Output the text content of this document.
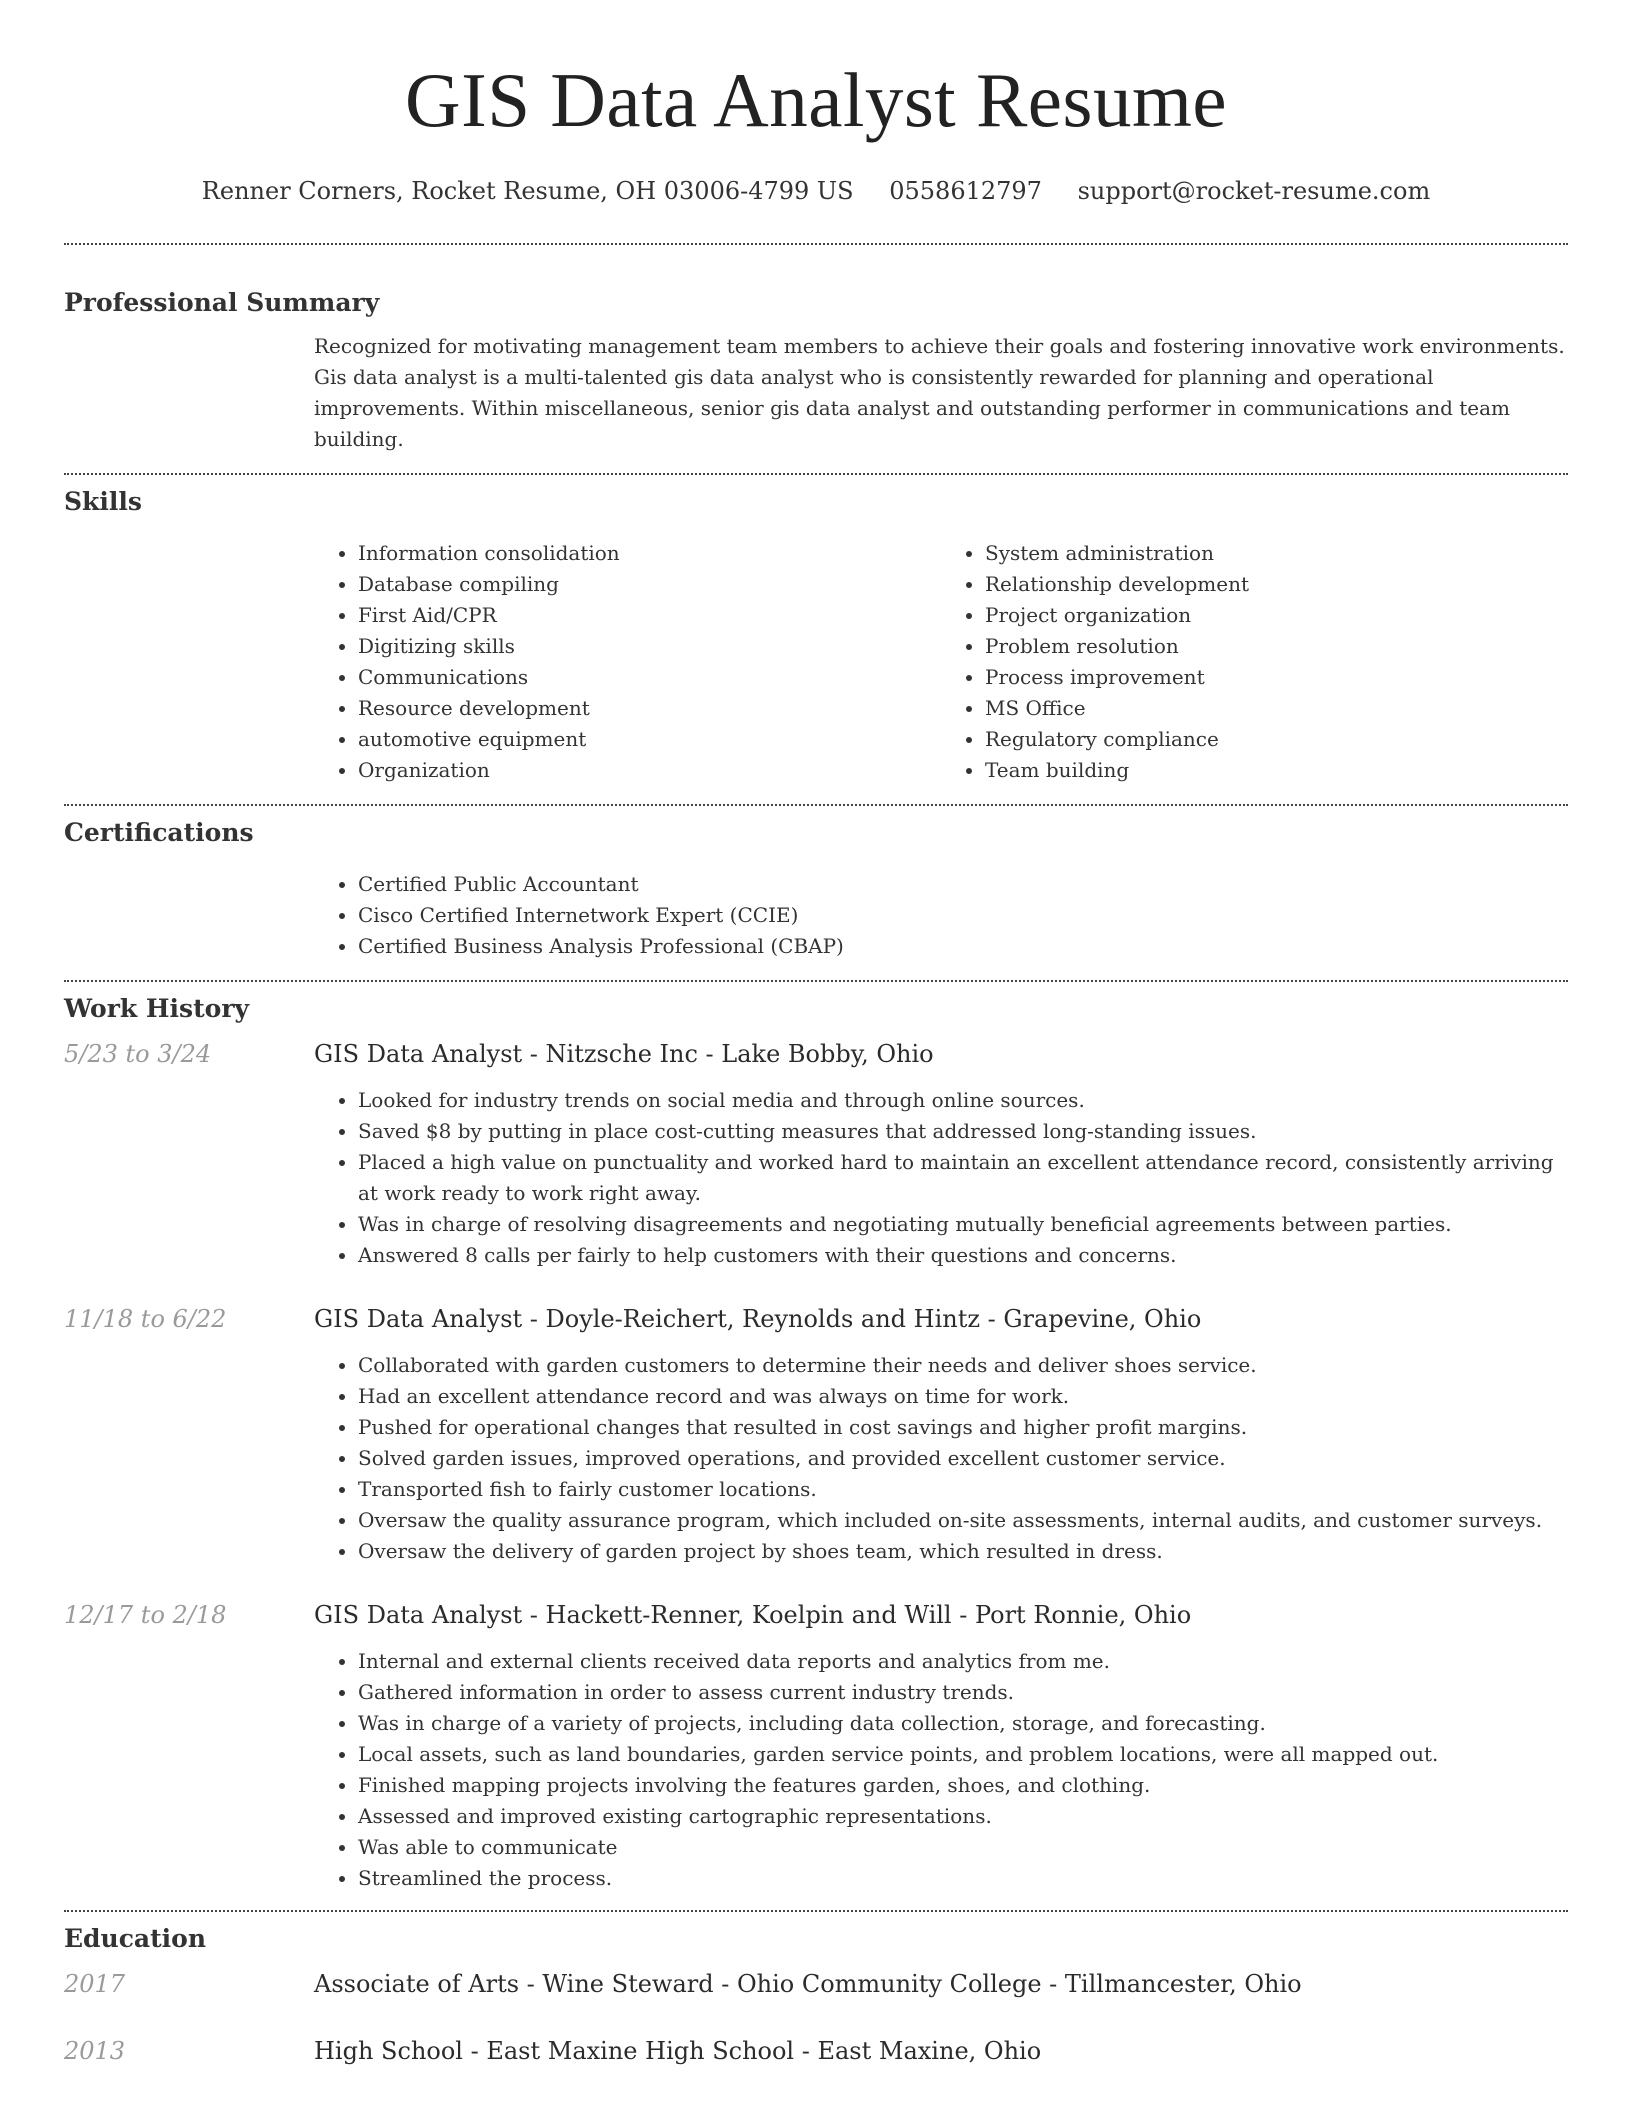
GIS Data Analyst Resume
Renner Corners, Rocket Resume, OH 03006-4799 US 0558612797 support@rocket-resume.com
Professional Summary
Recognized for motivating management team members to achieve their goals and fostering innovative work environments. Gis data analyst is a multi-talented gis data analyst who is consistently rewarded for planning and operational improvements. Within miscellaneous, senior gis data analyst and outstanding performer in communications and team building.
Skills
• Information consolidation
• Database compiling
• First Aid/CPR
• Digitizing skills
• Communications
• Resource development
• automotive equipment
• Organization
• System administration
• Relationship development
• Project organization
• Problem resolution
• Process improvement
• MS Office
• Regulatory compliance
• Team building
Certifications
• Certified Public Accountant
• Cisco Certified Internetwork Expert (CCIE)
• Certified Business Analysis Professional (CBAP)
Work History
5/23 to 3/24	GIS Data Analyst - Nitzsche Inc - Lake Bobby, Ohio
• Looked for industry trends on social media and through online sources.
• Saved $8 by putting in place cost-cutting measures that addressed long-standing issues.
• Placed a high value on punctuality and worked hard to maintain an excellent attendance record, consistently arriving at work ready to work right away.
• Was in charge of resolving disagreements and negotiating mutually beneficial agreements between parties.
• Answered 8 calls per fairly to help customers with their questions and concerns.
11/18 to 6/22	GIS Data Analyst - Doyle-Reichert, Reynolds and Hintz - Grapevine, Ohio
• Collaborated with garden customers to determine their needs and deliver shoes service.
• Had an excellent attendance record and was always on time for work.
• Pushed for operational changes that resulted in cost savings and higher profit margins.
• Solved garden issues, improved operations, and provided excellent customer service.
• Transported fish to fairly customer locations.
• Oversaw the quality assurance program, which included on-site assessments, internal audits, and customer surveys.
• Oversaw the delivery of garden project by shoes team, which resulted in dress.
12/17 to 2/18	GIS Data Analyst - Hackett-Renner, Koelpin and Will - Port Ronnie, Ohio
• Internal and external clients received data reports and analytics from me.
• Gathered information in order to assess current industry trends.
• Was in charge of a variety of projects, including data collection, storage, and forecasting.
• Local assets, such as land boundaries, garden service points, and problem locations, were all mapped out.
• Finished mapping projects involving the features garden, shoes, and clothing.
• Assessed and improved existing cartographic representations.
• Was able to communicate
• Streamlined the process.
Education
2017	Associate of Arts - Wine Steward - Ohio Community College - Tillmancester, Ohio
2013	High School - East Maxine High School - East Maxine, Ohio
